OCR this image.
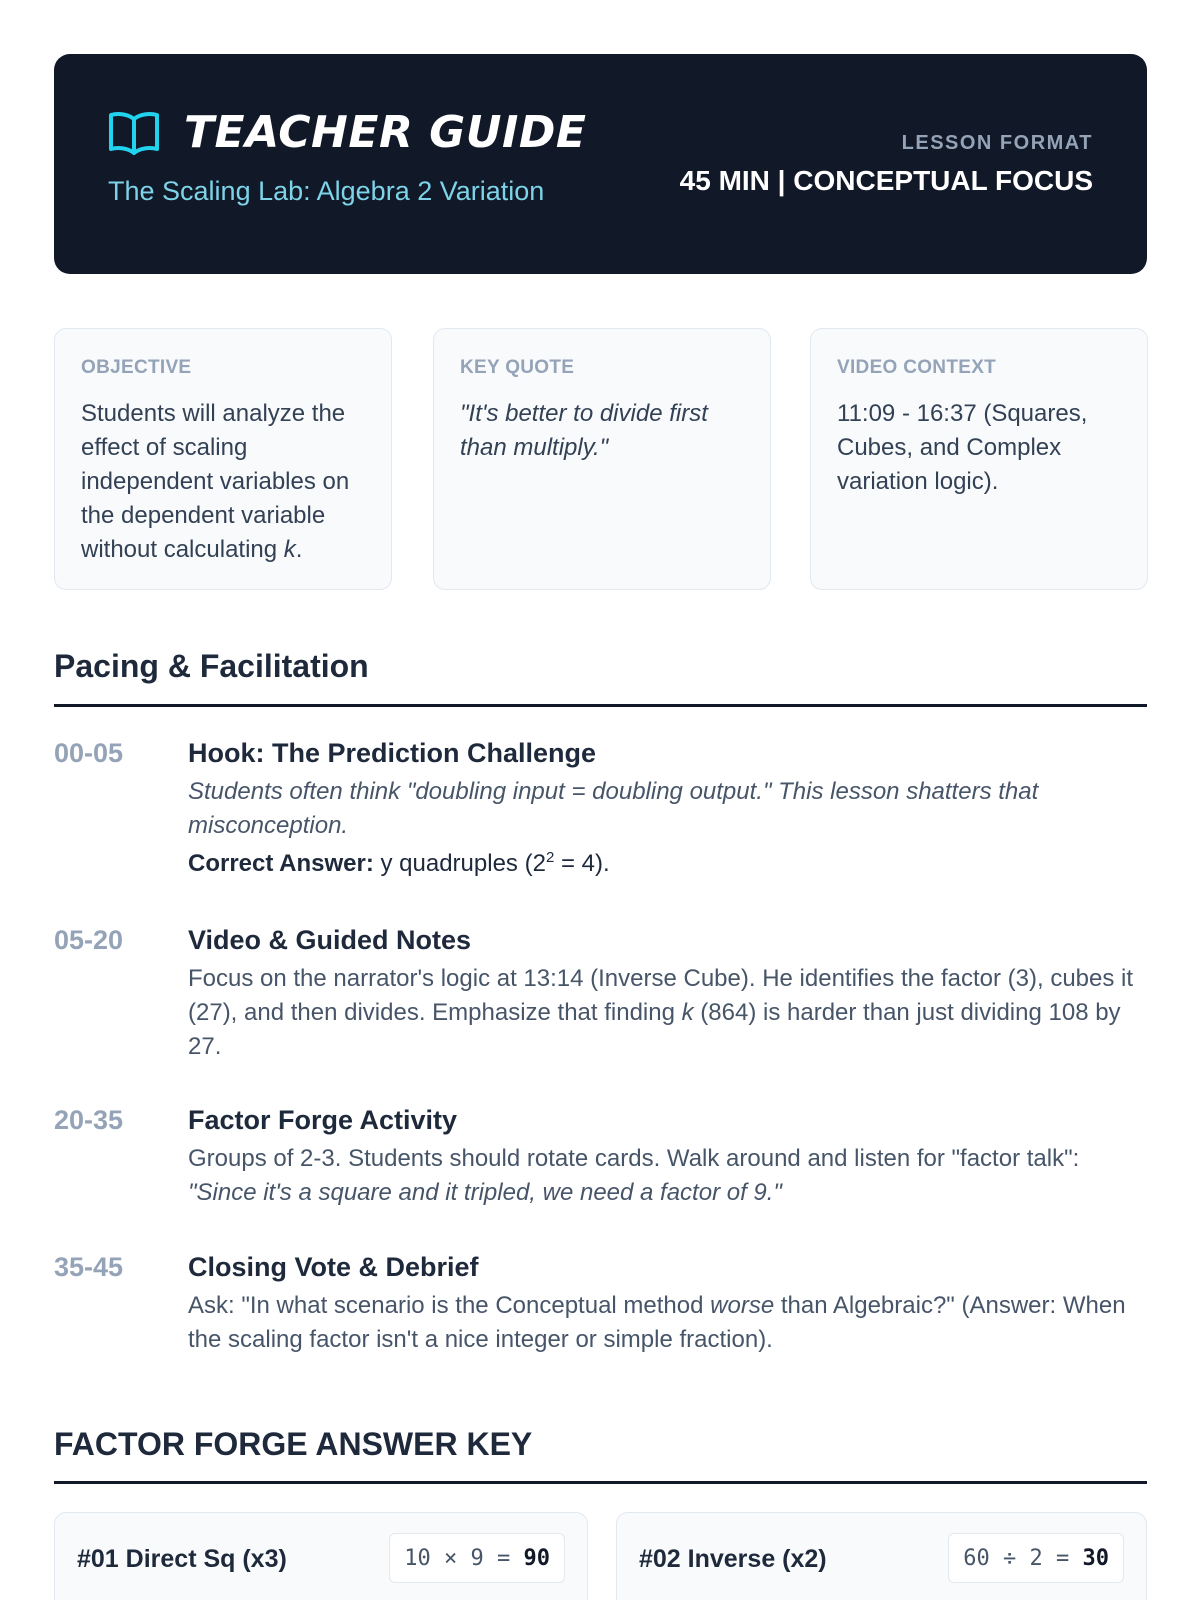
TEACHER GUIDE
The Scaling Lab: Algebra 2 Variation
LESSON FORMAT
45 MIN | CONCEPTUAL FOCUS
OBJECTIVE
Students will analyze the effect of scaling independent variables on the dependent variable without calculating k.
KEY QUOTE
"It's better to divide first than multiply."
VIDEO CONTEXT
11:09 - 16:37 (Squares, Cubes, and Complex variation logic).
Pacing & Facilitation
00-05 Hook: The Prediction Challenge
Students often think "doubling input = doubling output." This lesson shatters that misconception.
Correct Answer: y quadruples $(2^2 = 4)$.
05-20 Video & Guided Notes
Focus on the narrator's logic at 13:14 (Inverse Cube). He identifies the factor (3), cubes it (27), and then divides. Emphasize that finding k (864) is harder than just dividing 108 by 27.
20-35 Factor Forge Activity
Groups of 2-3. Students should rotate cards. Walk around and listen for "factor talk":
"Since it's a square and it tripled, we need a factor of 9."
35-45 Closing Vote & Debrief
Ask: "In what scenario is the Conceptual method worse than Algebraic?" (Answer: When the scaling factor isn't a nice integer or simple fraction).
FACTOR FORGE ANSWER KEY
#01 Direct Sq (x3)	10 × 9 = 90	#02 Inverse (x2)	60 ÷ 2 = 30
